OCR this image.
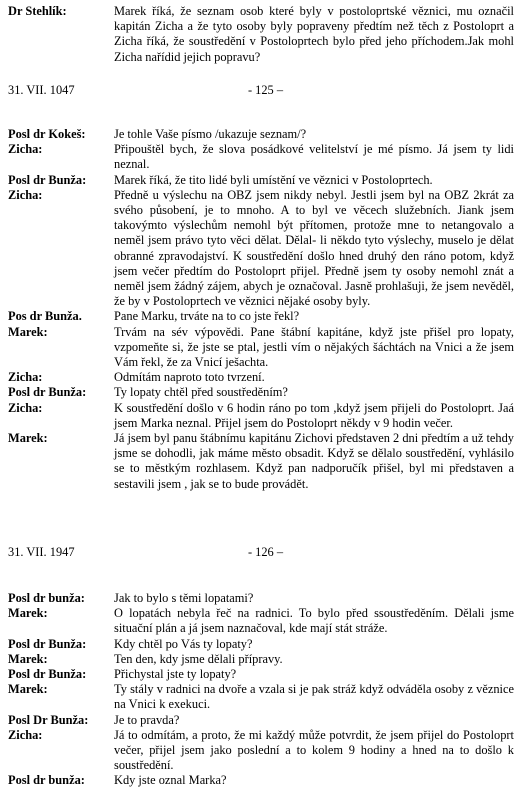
Dr Stehlík:	Marek říká, že seznam osob které byly v postoloprtské věznici, mu označil kapitán Zicha a že tyto osoby byly popraveny předtím než těch z Postoloprt a Zicha říká, že soustředění v Postoloprtech bylo před jeho příchodem.Jak mohl Zicha nařídid jejich popravu?
31. VII. 1047	- 125 –
Posl dr Kokeš:	Je tohle Vaše písmo /ukazuje seznam/?
Zicha:	Připouštěl bych, že slova posádkové velitelství je mé písmo. Já jsem ty lidi neznal.
Posl dr Bunža:	Marek říká, že tito lidé byli umístění ve věznici v Postoloprtech.
Zicha:	Předně u výslechu na OBZ jsem nikdy nebyl. Jestli jsem byl na OBZ 2krát za svého působení, je to mnoho. A to byl ve věcech služebních. Jiank jsem takovýmto výslechům nemohl být přítomen, protože mne to netangovalo a neměl jsem právo tyto věci dělat. Dělal- li někdo tyto výslechy, muselo je dělat obranné zpravodajství. K soustředění došlo hned druhý den ráno potom, když jsem večer předtím do Postoloprt přijel. Předně jsem ty osoby nemohl znát a neměl jsem žádný zájem, abych je označoval. Jasně prohlašuji, že jsem nevěděl, že by v Postoloprtech ve věznici nějaké osoby byly.
Pos dr Bunža.	Pane Marku, trváte na to co jste řekl?
Marek:	Trvám na sév výpovědi. Pane štábní kapitáne, když jste přišel pro lopaty, vzpomeňte si, že jste se ptal, jestli vím o nějakých šáchtách na Vnici a že jsem Vám řekl, že za Vnicí ješachta.
Zicha:	Odmítám naproto toto tvrzení.
Posl dr Bunža:	Ty lopaty chtěl před soustředěním?
Zicha:	K soustředění došlo v 6 hodin ráno po tom ,když jsem přijeli do Postoloprt. Jaá jsem Marka neznal. Přijel jsem do Postoloprt někdy v 9 hodin večer.
Marek:	Já jsem byl panu štábnímu kapitánu Zichovi představen 2 dni předtím a už tehdy jsme se dohodli, jak máme město obsadit. Když se dělalo soustředění, vyhlásilo se to městkým rozhlasem. Když pan nadporučík přišel, byl mi představen a sestavili jsem , jak se to bude provádět.
31. VII. 1947	- 126 –
Posl dr bunža:	Jak to bylo s těmi lopatami?
Marek:	O lopatách nebyla řeč na radnici. To bylo před ssoustředěním. Dělali jsme situační plán a já jsem naznačoval, kde mají stát stráže.
Posl dr Bunža:	Kdy chtěl po Vás ty lopaty?
Marek:	Ten den, kdy jsme dělali přípravy.
Posl dr Bunža:	Přichystal jste ty lopaty?
Marek:	Ty stály v radnici na dvoře a vzala si je pak stráž když odváděla osoby z věznice na Vnici k exekuci.
Posl Dr Bunža:	Je to pravda?
Zicha:	Já to odmítám, a proto, že mi každý může potvrdit, že jsem přijel do Postoloprt večer, přijel jsem jako poslední a to kolem 9 hodiny a hned na to došlo k soustředění.
Posl dr bunža:	Kdy jste oznal Marka?
